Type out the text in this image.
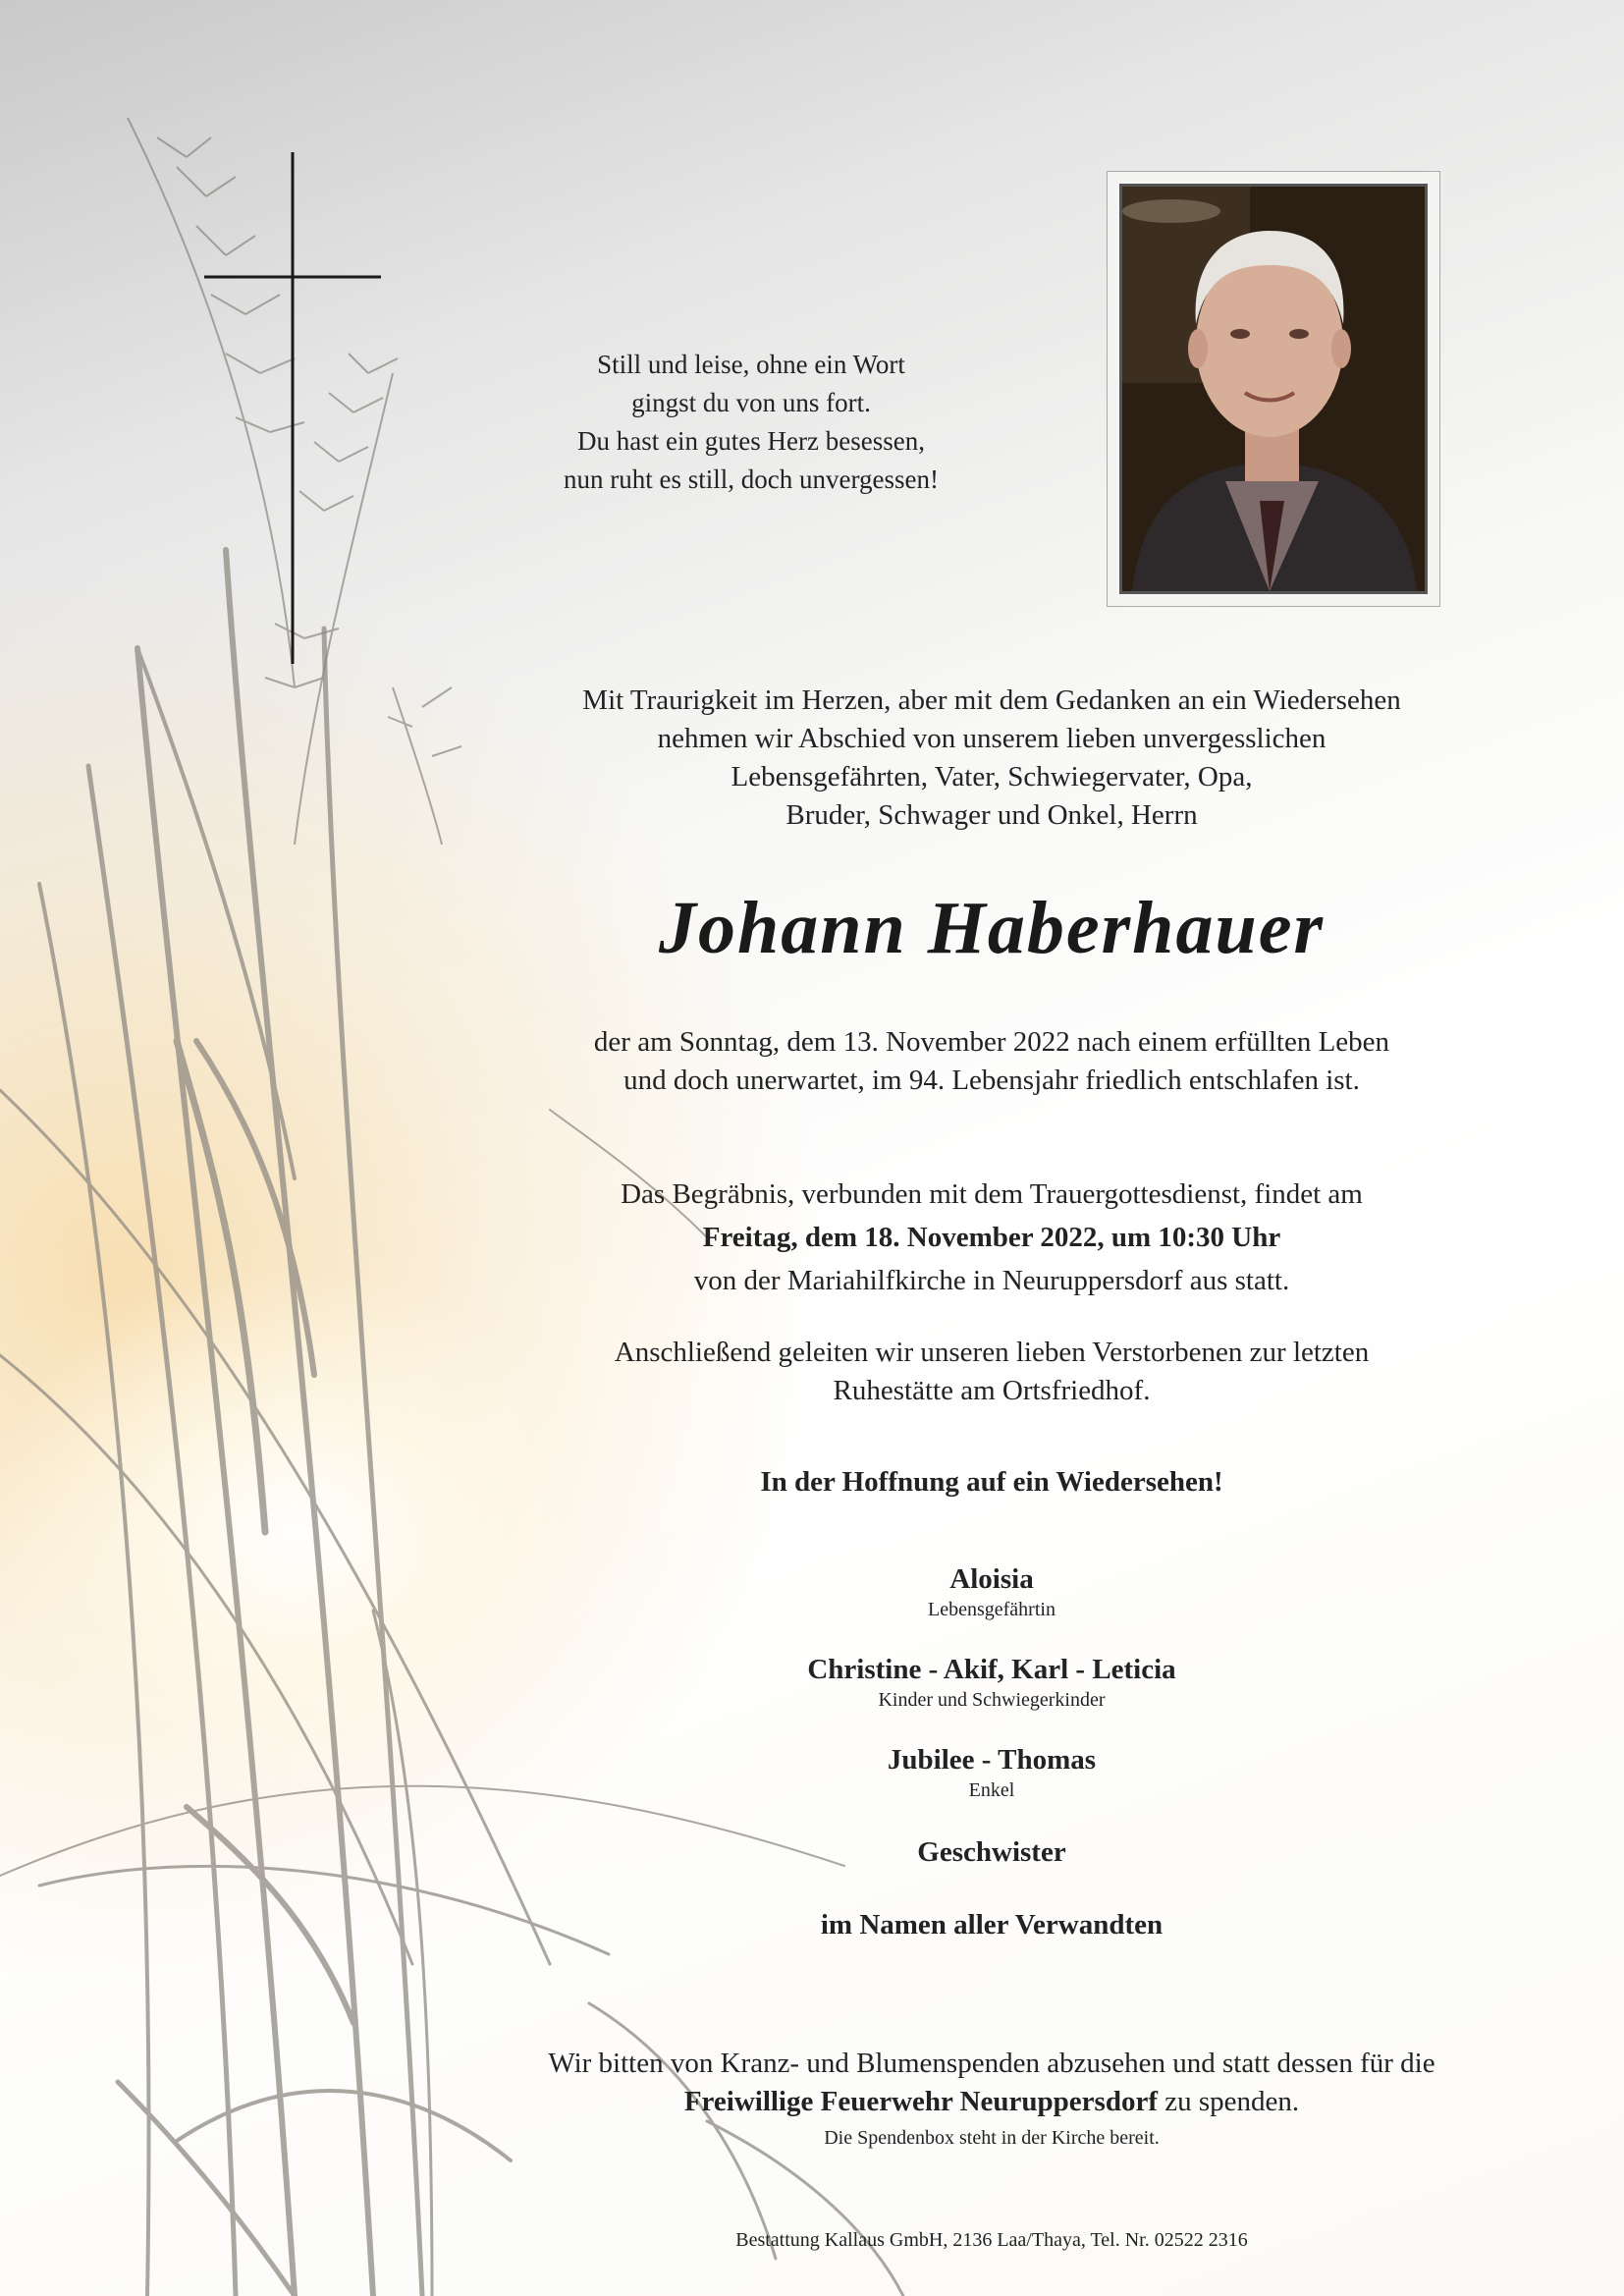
Still und leise, ohne ein Wort
gingst du von uns fort.
Du hast ein gutes Herz besessen,
nun ruht es still, doch unvergessen!
Mit Traurigkeit im Herzen, aber mit dem Gedanken an ein Wiedersehen
nehmen wir Abschied von unserem lieben unvergesslichen
Lebensgefährten, Vater, Schwiegervater, Opa,
Bruder, Schwager und Onkel, Herrn
Johann Haberhauer
der am Sonntag, dem 13. November 2022 nach einem erfüllten Leben
und doch unerwartet, im 94. Lebensjahr friedlich entschlafen ist.
Das Begräbnis, verbunden mit dem Trauergottesdienst, findet am
Freitag, dem 18. November 2022, um 10:30 Uhr
von der Mariahilfkirche in Neuruppersdorf aus statt.
Anschließend geleiten wir unseren lieben Verstorbenen zur letzten
Ruhestätte am Ortsfriedhof.
In der Hoffnung auf ein Wiedersehen!
Aloisia
Lebensgefährtin
Christine - Akif, Karl - Leticia
Kinder und Schwiegerkinder
Jubilee - Thomas
Enkel
Geschwister
im Namen aller Verwandten
Wir bitten von Kranz- und Blumenspenden abzusehen und statt dessen für die
Freiwillige Feuerwehr Neuruppersdorf zu spenden.
Die Spendenbox steht in der Kirche bereit.
Bestattung Kallaus GmbH, 2136 Laa/Thaya, Tel. Nr. 02522 2316
